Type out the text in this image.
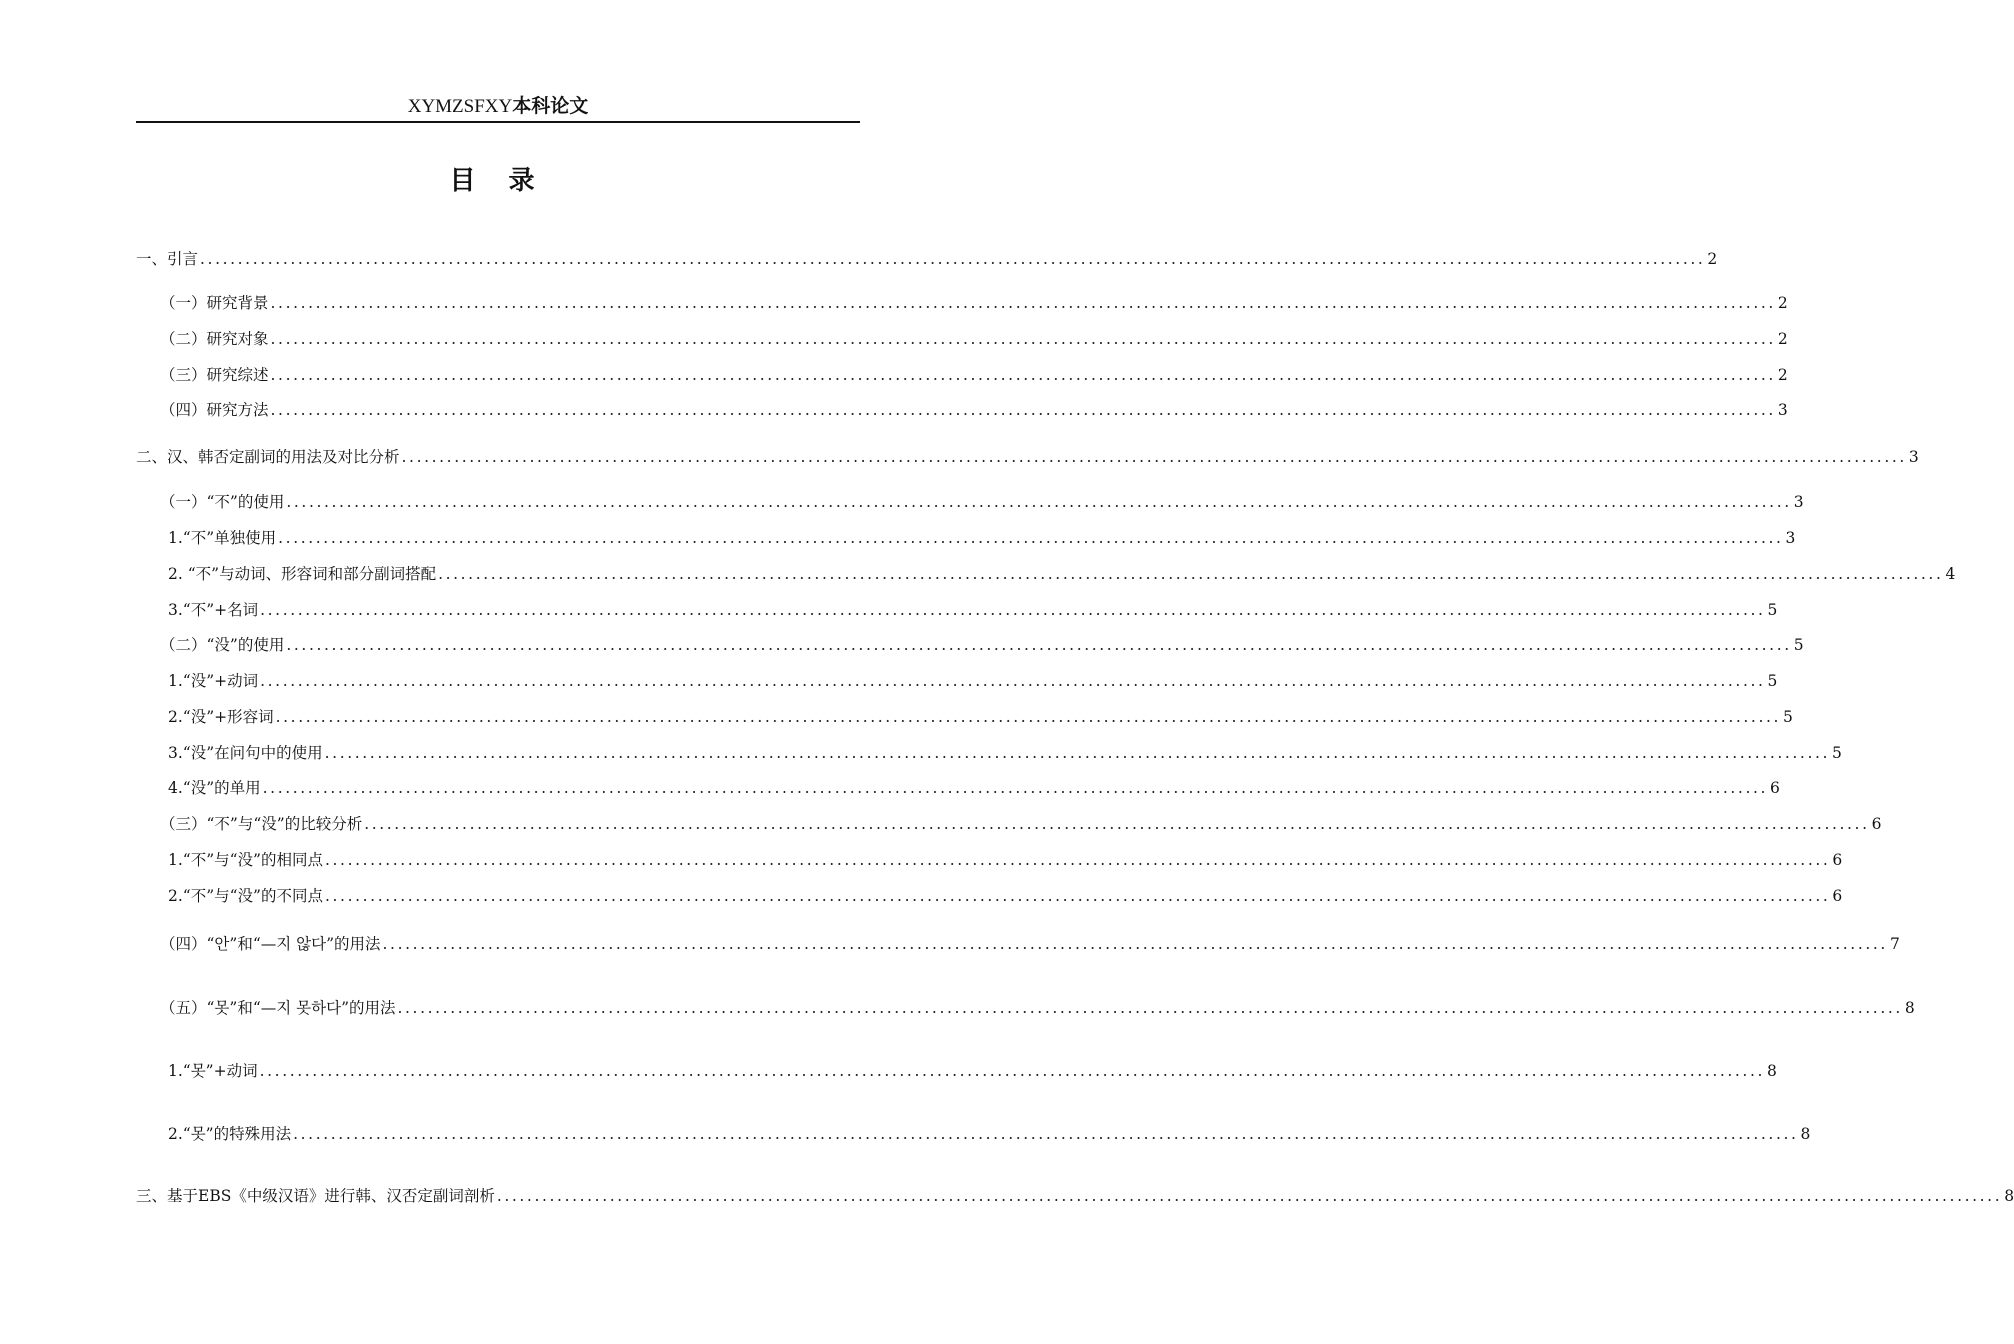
XYMZSFXY本科论文
目 录
一、引言 ........................................................................................................................................................................................................ 2
（一）研究背景 ........................................................................................................................................................................................................ 2
（二）研究对象 ........................................................................................................................................................................................................ 2
（三）研究综述 ........................................................................................................................................................................................................ 2
（四）研究方法 ........................................................................................................................................................................................................ 3
二、汉、韩否定副词的用法及对比分析 ........................................................................................................................................................................................................ 3
（一）“不”的使用 ........................................................................................................................................................................................................ 3
1.“不”单独使用 ........................................................................................................................................................................................................ 3
2. “不”与动词、形容词和部分副词搭配 ........................................................................................................................................................................................................ 4
3.“不”+名词 ........................................................................................................................................................................................................ 5
（二）“没”的使用 ........................................................................................................................................................................................................ 5
1.“没”+动词 ........................................................................................................................................................................................................ 5
2.“没”+形容词 ........................................................................................................................................................................................................ 5
3.“没”在问句中的使用 ........................................................................................................................................................................................................ 5
4.“没”的单用 ........................................................................................................................................................................................................ 6
（三）“不”与“没”的比较分析 ........................................................................................................................................................................................................ 6
1.“不”与“没”的相同点 ........................................................................................................................................................................................................ 6
2.“不”与“没”的不同点 ........................................................................................................................................................................................................ 6
（四）“안”和“—지 않다”的用法 ........................................................................................................................................................................................................ 7
（五）“못”和“—지 못하다”的用法 ........................................................................................................................................................................................................ 8
1.“못”+动词 ........................................................................................................................................................................................................ 8
2.“못”的特殊用法 ........................................................................................................................................................................................................ 8
三、基于EBS《中级汉语》进行韩、汉否定副词剖析 ........................................................................................................................................................................................................ 8
